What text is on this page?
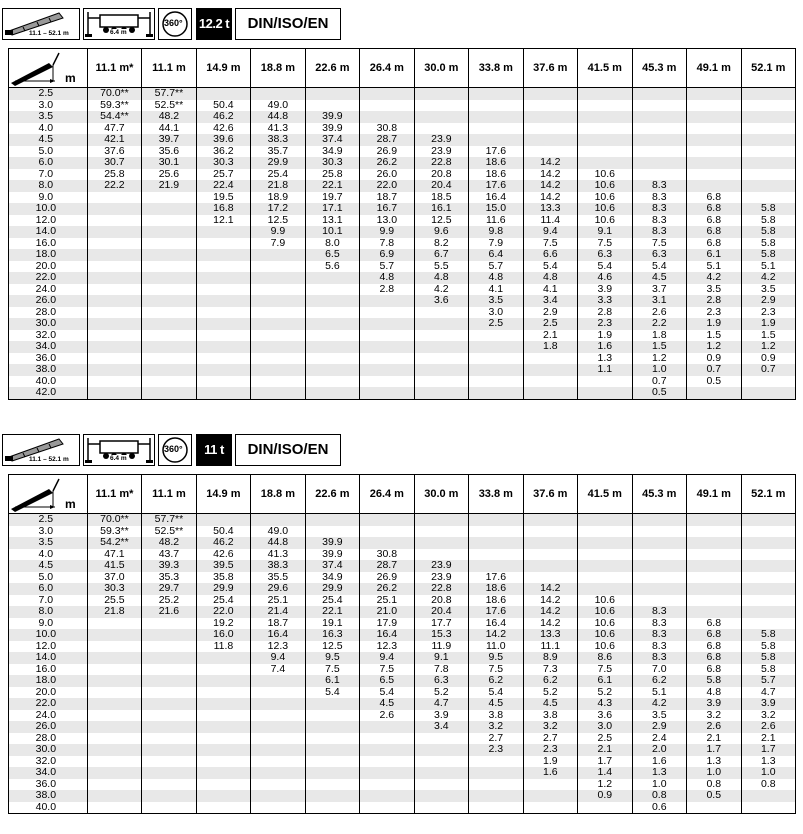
11.1 – 52.1 m	6.4 m
360° 12.2 t	DIN/ISO/EN
m	11.1 m*	11.1 m	14.9 m	18.8 m	22.6 m	26.4 m	30.0 m	33.8 m	37.6 m	41.5 m	45.3 m	49.1 m	52.1 m
2.5	70.0**	57.7**											
3.0	59.3**	52.5**	50.4	49.0									
3.5	54.4**	48.2	46.2	44.8	39.9								
4.0	47.7	44.1	42.6	41.3	39.9	30.8							
4.5	42.1	39.7	39.6	38.3	37.4	28.7	23.9						
5.0	37.6	35.6	36.2	35.7	34.9	26.9	23.9	17.6					
6.0	30.7	30.1	30.3	29.9	30.3	26.2	22.8	18.6	14.2				
7.0	25.8	25.6	25.7	25.4	25.8	26.0	20.8	18.6	14.2	10.6			
8.0	22.2	21.9	22.4	21.8	22.1	22.0	20.4	17.6	14.2	10.6	8.3		
9.0			19.5	18.9	19.7	18.7	18.5	16.4	14.2	10.6	8.3	6.8	
10.0			16.8	17.2	17.1	16.7	16.1	15.0	13.3	10.6	8.3	6.8	5.8
12.0			12.1	12.5	13.1	13.0	12.5	11.6	11.4	10.6	8.3	6.8	5.8
14.0				9.9	10.1	9.9	9.6	9.8	9.4	9.1	8.3	6.8	5.8
16.0				7.9	8.0	7.8	8.2	7.9	7.5	7.5	7.5	6.8	5.8
18.0					6.5	6.9	6.7	6.4	6.6	6.3	6.3	6.1	5.8
20.0					5.6	5.7	5.5	5.7	5.4	5.4	5.4	5.1	5.1
22.0						4.8	4.8	4.8	4.8	4.6	4.5	4.2	4.2
24.0						2.8	4.2	4.1	4.1	3.9	3.7	3.5	3.5
26.0							3.6	3.5	3.4	3.3	3.1	2.8	2.9
28.0								3.0	2.9	2.8	2.6	2.3	2.3
30.0								2.5	2.5	2.3	2.2	1.9	1.9
32.0									2.1	1.9	1.8	1.5	1.5
34.0									1.8	1.6	1.5	1.2	1.2
36.0										1.3	1.2	0.9	0.9
38.0										1.1	1.0	0.7	0.7
40.0											0.7	0.5	
42.0											0.5		
11.1 – 52.1 m	6.4 m
360°	11 t	DIN/ISO/EN
m	11.1 m*	11.1 m	14.9 m	18.8 m	22.6 m	26.4 m	30.0 m	33.8 m	37.6 m	41.5 m	45.3 m	49.1 m	52.1 m
2.5	70.0**	57.7**											
3.0	59.3**	52.5**	50.4	49.0									
3.5	54.2**	48.2	46.2	44.8	39.9								
4.0	47.1	43.7	42.6	41.3	39.9	30.8							
4.5	41.5	39.3	39.5	38.3	37.4	28.7	23.9						
5.0	37.0	35.3	35.8	35.5	34.9	26.9	23.9	17.6					
6.0	30.3	29.7	29.9	29.6	29.9	26.2	22.8	18.6	14.2				
7.0	25.5	25.2	25.4	25.1	25.4	25.1	20.8	18.6	14.2	10.6			
8.0	21.8	21.6	22.0	21.4	22.1	21.0	20.4	17.6	14.2	10.6	8.3		
9.0			19.2	18.7	19.1	17.9	17.7	16.4	14.2	10.6	8.3	6.8	
10.0			16.0	16.4	16.3	16.4	15.3	14.2	13.3	10.6	8.3	6.8	5.8
12.0			11.8	12.3	12.5	12.3	11.9	11.0	11.1	10.6	8.3	6.8	5.8
14.0				9.4	9.5	9.4	9.1	9.5	8.9	8.6	8.3	6.8	5.8
16.0				7.4	7.5	7.5	7.8	7.5	7.3	7.5	7.0	6.8	5.8
18.0					6.1	6.5	6.3	6.2	6.2	6.1	6.2	5.8	5.7
20.0					5.4	5.4	5.2	5.4	5.2	5.2	5.1	4.8	4.7
22.0						4.5	4.7	4.5	4.5	4.3	4.2	3.9	3.9
24.0						2.6	3.9	3.8	3.8	3.6	3.5	3.2	3.2
26.0							3.4	3.2	3.2	3.0	2.9	2.6	2.6
28.0								2.7	2.7	2.5	2.4	2.1	2.1
30.0								2.3	2.3	2.1	2.0	1.7	1.7
32.0									1.9	1.7	1.6	1.3	1.3
34.0									1.6	1.4	1.3	1.0	1.0
36.0										1.2	1.0	0.8	0.8
38.0										0.9	0.8	0.5	
40.0											0.6		
